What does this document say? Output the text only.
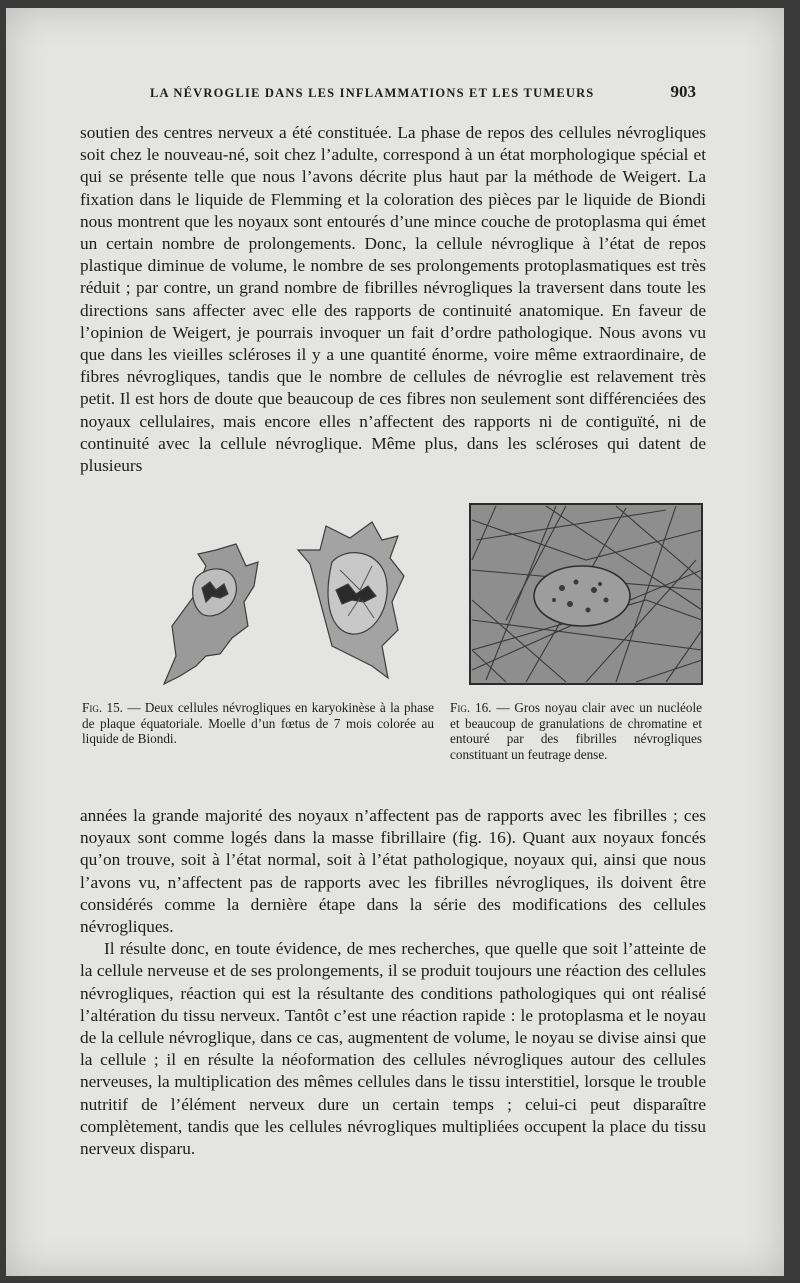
LA NÉVROGLIE DANS LES INFLAMMATIONS ET LES TUMEURS	903

soutien des centres nerveux a été constituée. La phase de repos des cellules névrogliques soit chez le nouveau-né, soit chez l’adulte, correspond à un état morphologique spécial et qui se présente telle que nous l’avons décrite plus haut par la méthode de Weigert. La fixation dans le liquide de Flemming et la coloration des pièces par le liquide de Biondi nous montrent que les noyaux sont entourés d’une mince couche de protoplasma qui émet un certain nombre de prolongements. Donc, la cellule névroglique à l’état de repos plastique diminue de volume, le nombre de ses prolongements protoplasmatiques est très réduit ; par contre, un grand nombre de fibrilles névrogliques la traversent dans toute les directions sans affecter avec elle des rapports de continuité anatomique. En faveur de l’opinion de Weigert, je pourrais invoquer un fait d’ordre pathologique. Nous avons vu que dans les vieilles scléroses il y a une quantité énorme, voire même extraordinaire, de fibres névrogliques, tandis que le nombre de cellules de névroglie est relavement très petit. Il est hors de doute que beaucoup de ces fibres non seulement sont différenciées des noyaux cellulaires, mais encore elles n’affectent des rapports ni de contiguïté, ni de continuité avec la cellule névroglique. Même plus, dans les scléroses qui datent de plusieurs

Fig. 15. — Deux cellules névrogliques en karyokinèse à la phase de plaque équatoriale. Moelle d’un fœtus de 7 mois colorée au liquide de Biondi.
Fig. 16. — Gros noyau clair avec un nucléole et beaucoup de granulations de chromatine et entouré par des fibrilles névrogliques constituant un feutrage dense.

années la grande majorité des noyaux n’affectent pas de rapports avec les fibrilles ; ces noyaux sont comme logés dans la masse fibrillaire (fig. 16). Quant aux noyaux foncés qu’on trouve, soit à l’état normal, soit à l’état pathologique, noyaux qui, ainsi que nous l’avons vu, n’affectent pas de rapports avec les fibrilles névrogliques, ils doivent être considérés comme la dernière étape dans la série des modifications des cellules névrogliques.

Il résulte donc, en toute évidence, de mes recherches, que quelle que soit l’atteinte de la cellule nerveuse et de ses prolongements, il se produit toujours une réaction des cellules névrogliques, réaction qui est la résultante des conditions pathologiques qui ont réalisé l’altération du tissu nerveux. Tantôt c’est une réaction rapide : le protoplasma et le noyau de la cellule névroglique, dans ce cas, augmentent de volume, le noyau se divise ainsi que la cellule ; il en résulte la néoformation des cellules névrogliques autour des cellules nerveuses, la multiplication des mêmes cellules dans le tissu interstitiel, lorsque le trouble nutritif de l’élément nerveux dure un certain temps ; celui-ci peut disparaître complètement, tandis que les cellules névrogliques multipliées occupent la place du tissu nerveux disparu.
